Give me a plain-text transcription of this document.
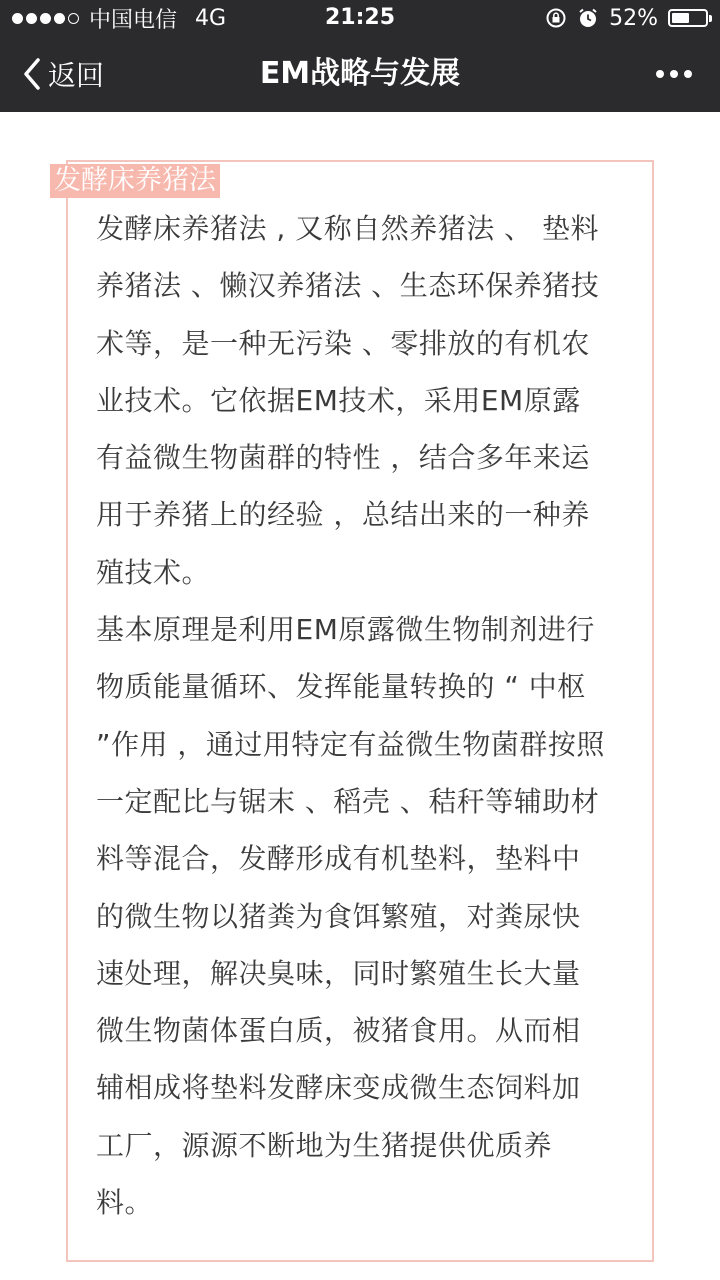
中国电信 4G	21:25	52%
返回	EM战略与发展
发酵床养猪法

发酵床养猪法 , 又称自然养猪法 、 垫料

养猪法 、懒汉养猪法 、生态环保养猪技

术等，是一种无污染 、零排放的有机农

业技术。它依据EM技术，采用EM原露

有益微生物菌群的特性 ，结合多年来运

用于养猪上的经验 ，总结出来的一种养

殖技术。

基本原理是利用EM原露微生物制剂进行

物质能量循环、发挥能量转换的 “ 中枢

”作用 ，通过用特定有益微生物菌群按照

一定配比与锯末 、稻壳 、秸秆等辅助材

料等混合，发酵形成有机垫料，垫料中

的微生物以猪粪为食饵繁殖，对粪尿快

速处理，解决臭味，同时繁殖生长大量

微生物菌体蛋白质，被猪食用。从而相

辅相成将垫料发酵床变成微生态饲料加

工厂，源源不断地为生猪提供优质养

料。
